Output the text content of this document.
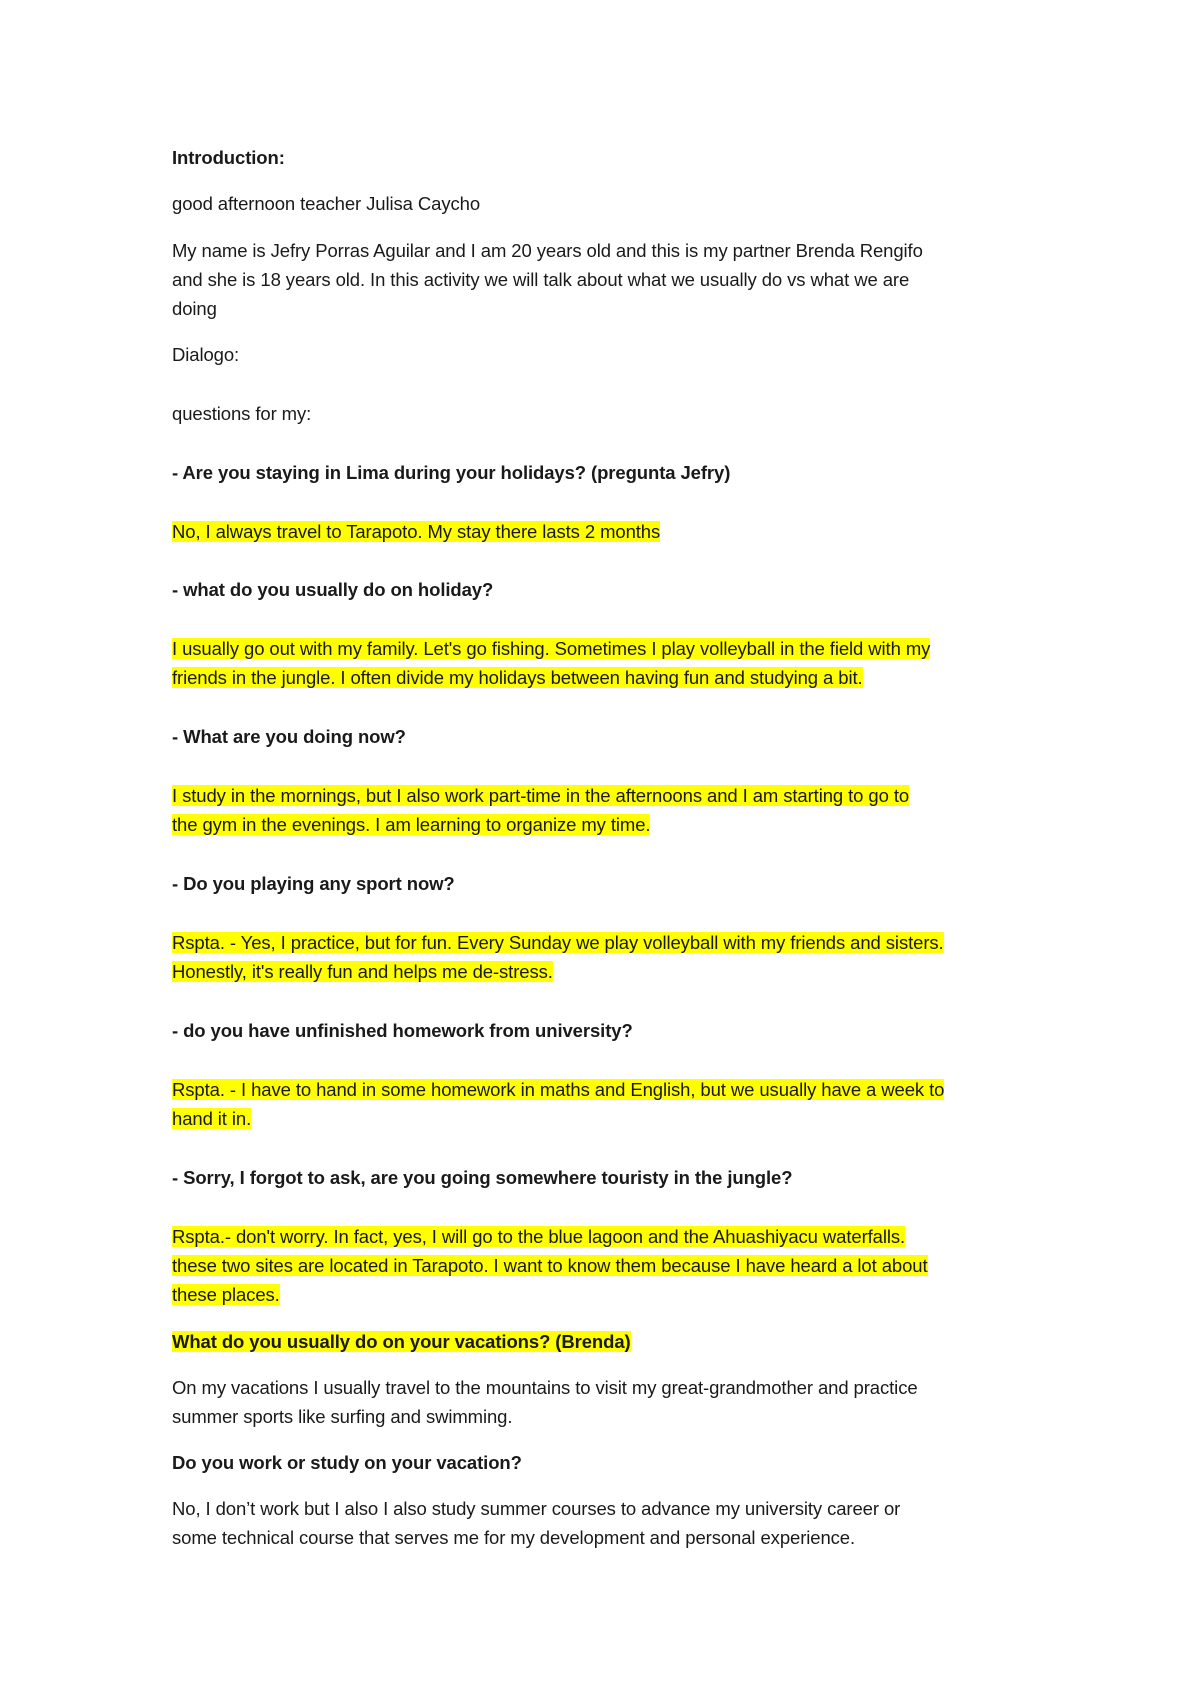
Introduction:
good afternoon teacher Julisa Caycho
My name is Jefry Porras Aguilar and I am 20 years old and this is my partner Brenda Rengifo
and she is 18 years old. In this activity we will talk about what we usually do vs what we are
doing
Dialogo:
questions for my:
- Are you staying in Lima during your holidays? (pregunta Jefry)
No, I always travel to Tarapoto. My stay there lasts 2 months
- what do you usually do on holiday?
I usually go out with my family. Let's go fishing. Sometimes I play volleyball in the field with my
friends in the jungle. I often divide my holidays between having fun and studying a bit.
- What are you doing now?
I study in the mornings, but I also work part-time in the afternoons and I am starting to go to
the gym in the evenings. I am learning to organize my time.
- Do you playing any sport now?
Rspta. - Yes, I practice, but for fun. Every Sunday we play volleyball with my friends and sisters.
Honestly, it's really fun and helps me de-stress.
- do you have unfinished homework from university?
Rspta. - I have to hand in some homework in maths and English, but we usually have a week to
hand it in.
- Sorry, I forgot to ask, are you going somewhere touristy in the jungle?
Rspta.- don't worry. In fact, yes, I will go to the blue lagoon and the Ahuashiyacu waterfalls.
these two sites are located in Tarapoto. I want to know them because I have heard a lot about
these places.
What do you usually do on your vacations? (Brenda)
On my vacations I usually travel to the mountains to visit my great-grandmother and practice
summer sports like surfing and swimming.
Do you work or study on your vacation?
No, I don’t work but I also I also study summer courses to advance my university career or
some technical course that serves me for my development and personal experience.
